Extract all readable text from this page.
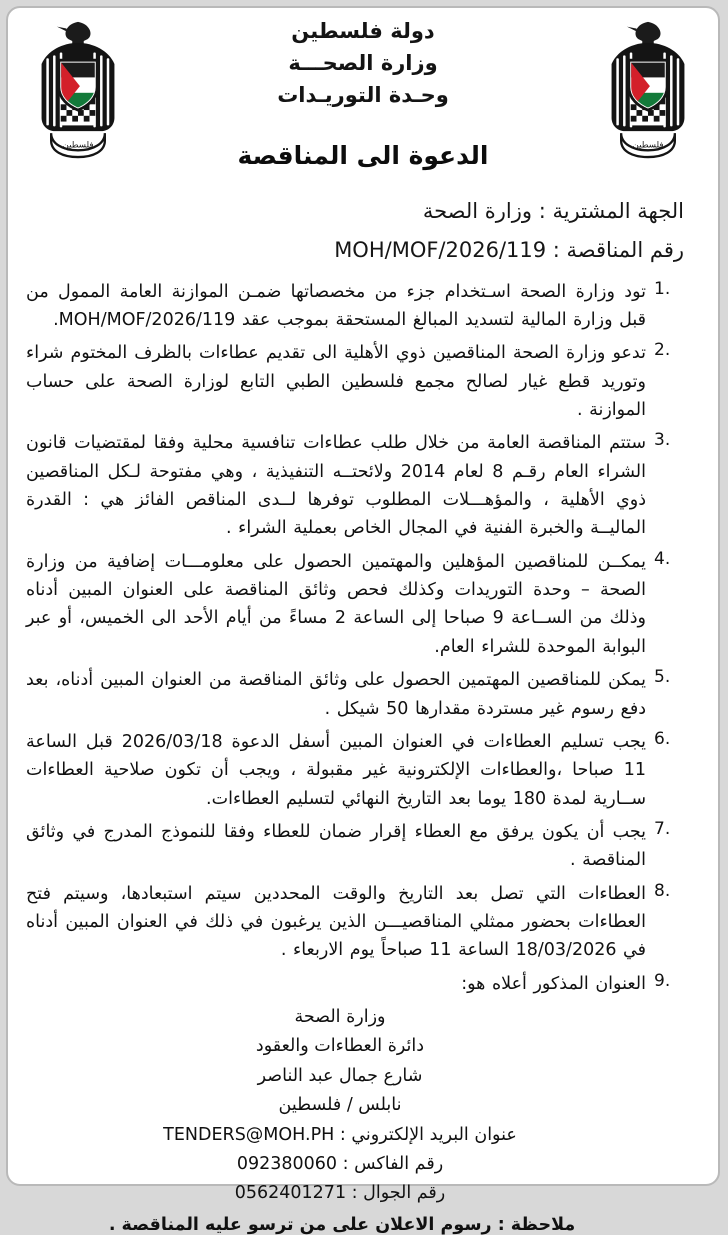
فلسطين	فلسطين
دولة فلسطين
وزارة الصحـــة
وحـدة التوريـدات
الدعوة الى المناقصة
الجهة المشترية : وزارة الصحة
رقم المناقصة : MOH/MOF/2026/119
1.
تود وزارة الصحة اسـتخدام جزء من مخصصاتها ضمـن الموازنة العامة الممول من قبل وزارة المالية لتسديد المبالغ المستحقة بموجب عقد MOH/MOF/2026/119.
2.
تدعو وزارة الصحة المناقصين ذوي الأهلية الى تقديم عطاءات بالظرف المختوم شراء وتوريد قطع غيار لصالح مجمع فلسطين الطبي التابع لوزارة الصحة على حساب الموازنة .
3.
ستتم المناقصة العامة من خلال طلب عطاءات تنافسية محلية وفقا لمقتضيات قانون الشراء العام رقـم 8 لعام 2014 ولائحتــه التنفيذية ، وهي مفتوحة لـكل المناقصين ذوي الأهلية ، والمؤهـــلات المطلوب توفرها لــدى المناقص الفائز هي : القدرة الماليــة والخبرة الفنية في المجال الخاص بعملية الشراء .
4.
يمكــن للمناقصين المؤهلين والمهتمين الحصول على معلومـــات إضافية من وزارة الصحة – وحدة التوريدات وكذلك فحص وثائق المناقصة على العنوان المبين أدناه وذلك من الســاعة 9 صباحا إلى الساعة 2 مساءً من أيام الأحد الى الخميس، أو عبر البوابة الموحدة للشراء العام.
5.
يمكن للمناقصين المهتمين الحصول على وثائق المناقصة من العنوان المبين أدناه، بعد دفع رسوم غير مستردة مقدارها 50 شيكل .
6.
يجب تسليم العطاءات في العنوان المبين أسفل الدعوة 2026/03/18 قبل الساعة 11 صباحا ،والعطاءات الإلكترونية غير مقبولة ، ويجب أن تكون صلاحية العطاءات ســارية لمدة 180 يوما بعد التاريخ النهائي لتسليم العطاءات.
7.
يجب أن يكون يرفق مع العطاء إقرار ضمان للعطاء وفقا للنموذج المدرج في وثائق المناقصة .
8.
العطاءات التي تصل بعد التاريخ والوقت المحددين سيتم استبعادها، وسيتم فتح العطاءات بحضور ممثلي المناقصيـــن الذين يرغبون في ذلك في العنوان المبين أدناه في 18/03/2026 الساعة 11 صباحاً يوم الاربعاء .
9.
العنوان المذكور أعلاه هو:
وزارة الصحة
دائرة العطاءات والعقود
شارع جمال عبد الناصر
نابلس / فلسطين
عنوان البريد الإلكتروني : TENDERS@MOH.PH
رقم الفاكس : 092380060
رقم الجوال : 0562401271
ملاحظة : رسوم الاعلان على من ترسو عليه المناقصة .
